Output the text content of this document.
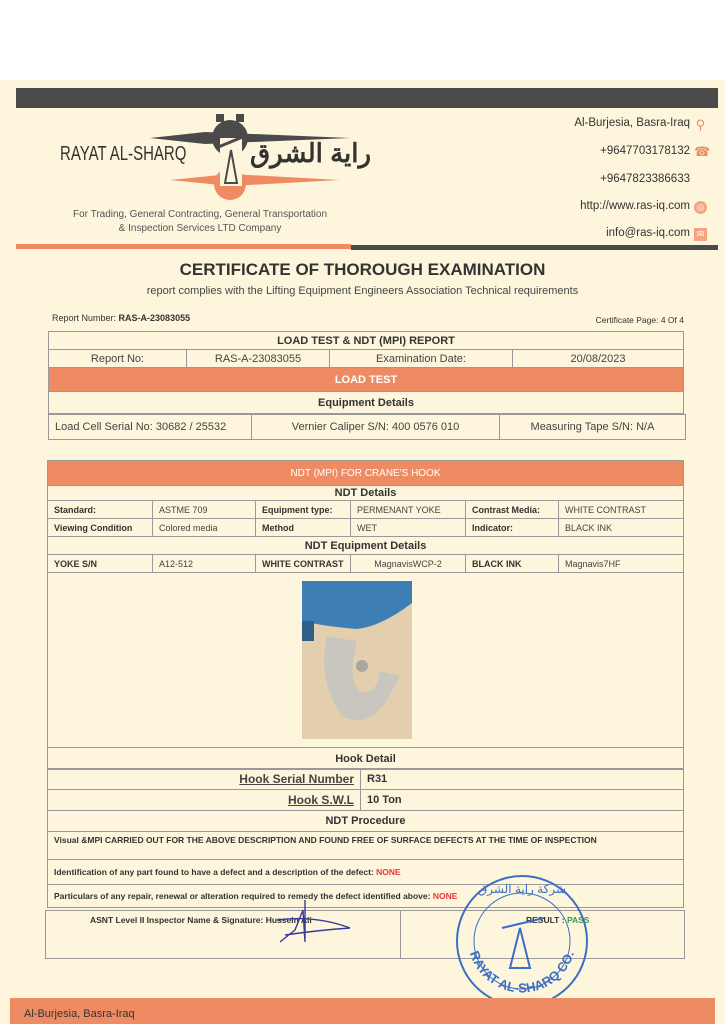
RAYAT AL-SHARQ راية الشرق
For Trading, General Contracting, General Transportation
& Inspection Services LTD Company
Al-Burjesia, Basra-Iraq ⚲
+9647703178132 ☎
+9647823386633
http://www.ras-iq.com ◎
info@ras-iq.com ✉
CERTIFICATE OF THOROUGH EXAMINATION
report complies with the Lifting Equipment Engineers Association Technical requirements
Report Number: RAS-A-23083055	Certificate Page: 4 Of 4
LOAD TEST & NDT (MPI) REPORT
Report No:	RAS-A-23083055	Examination Date:	20/08/2023
LOAD TEST
Equipment Details
Load Cell Serial No: 30682 / 25532	Vernier Caliper S/N: 400 0576 010	Measuring Tape S/N: N/A
NDT (MPI) FOR CRANE'S HOOK					
NDT Details					
Standard:	ASTME 709	Equipment type:	PERMENANT YOKE	Contrast Media:	WHITE CONTRAST
Viewing Condition	Colored media	Method	WET	Indicator:	BLACK INK
NDT Equipment Details					
YOKE S/N	A12-512	WHITE CONTRAST	MagnavisWCP-2	BLACK INK	Magnavis7HF

Hook Detail					
Hook Serial Number	R31
Hook S.W.L	10 Ton
NDT Procedure	
Visual &MPI CARRIED OUT FOR THE ABOVE DESCRIPTION AND FOUND FREE OF SURFACE DEFECTS AT THE TIME OF INSPECTION	
Identification of any part found to have a defect and a description of the defect: NONE	
Particulars of any repair, renewal or alteration required to remedy the defect identified above: NONE	
ASNT Level II Inspector Name & Signature: Hussein Ali	RESULT : PASS
RAYAT AL-SHARQ CO.
شركة راية الشرق
Al-Burjesia, Basra-Iraq
